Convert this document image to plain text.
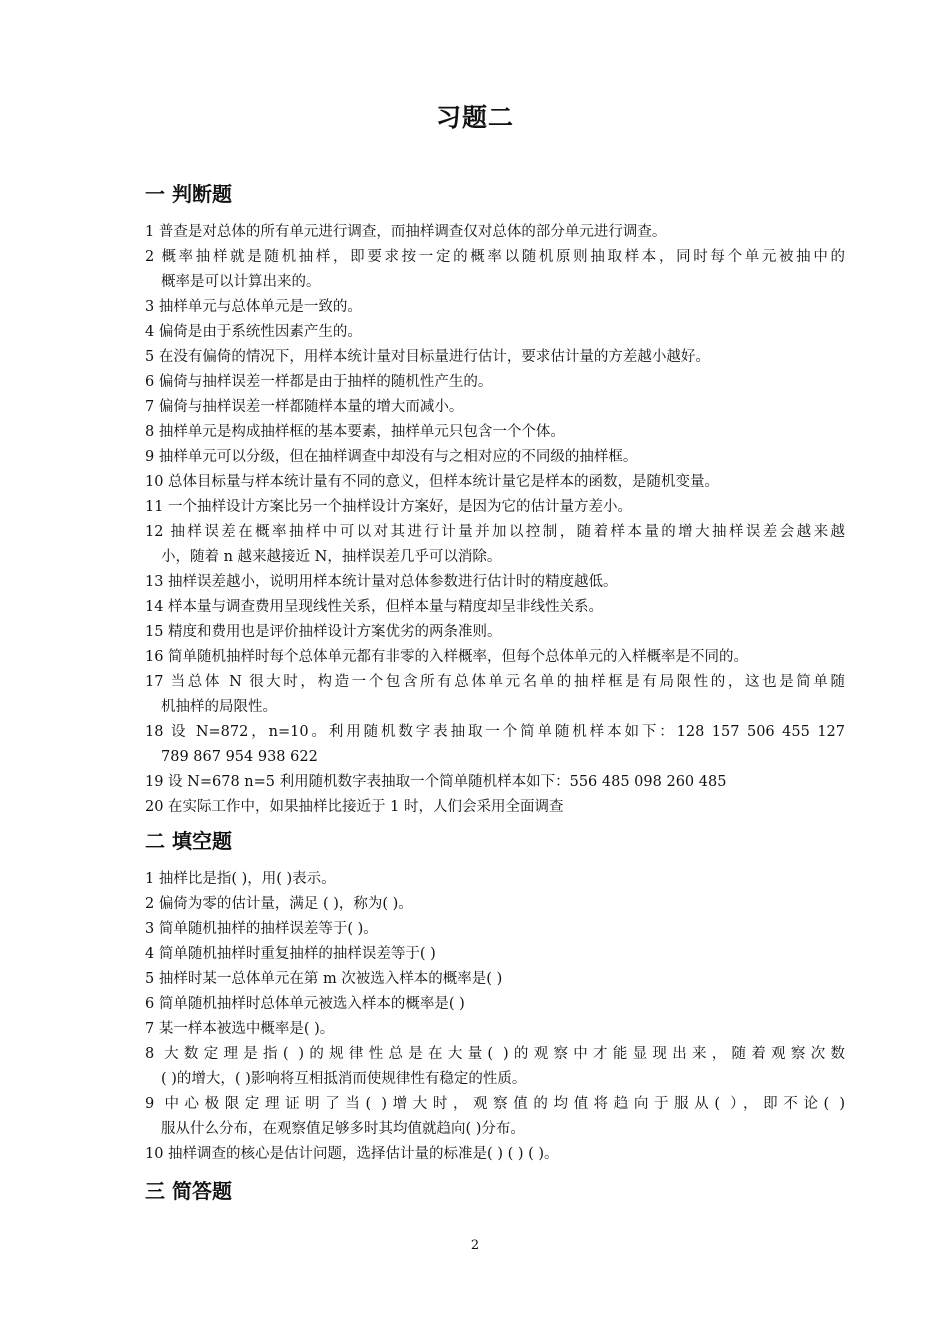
习题二
一 判断题
1 普查是对总体的所有单元进行调查，而抽样调查仅对总体的部分单元进行调查。
2 概率抽样就是随机抽样，即要求按一定的概率以随机原则抽取样本，同时每个单元被抽中的
概率是可以计算出来的。
3 抽样单元与总体单元是一致的。
4 偏倚是由于系统性因素产生的。
5 在没有偏倚的情况下，用样本统计量对目标量进行估计，要求估计量的方差越小越好。
6 偏倚与抽样误差一样都是由于抽样的随机性产生的。
7 偏倚与抽样误差一样都随样本量的增大而减小。
8 抽样单元是构成抽样框的基本要素，抽样单元只包含一个个体。
9 抽样单元可以分级，但在抽样调查中却没有与之相对应的不同级的抽样框。
10 总体目标量与样本统计量有不同的意义，但样本统计量它是样本的函数，是随机变量。
11 一个抽样设计方案比另一个抽样设计方案好，是因为它的估计量方差小。
12 抽样误差在概率抽样中可以对其进行计量并加以控制，随着样本量的增大抽样误差会越来越
小，随着 n 越来越接近 N，抽样误差几乎可以消除。
13 抽样误差越小，说明用样本统计量对总体参数进行估计时的精度越低。
14 样本量与调查费用呈现线性关系，但样本量与精度却呈非线性关系。
15 精度和费用也是评价抽样设计方案优劣的两条准则。
16 简单随机抽样时每个总体单元都有非零的入样概率，但每个总体单元的入样概率是不同的。
17 当总体 N 很大时，构造一个包含所有总体单元名单的抽样框是有局限性的，这也是简单随
机抽样的局限性。
18 设 N=872，n=10。利用随机数字表抽取一个简单随机样本如下：128 157 506 455 127
789 867 954 938 622
19 设 N=678 n=5 利用随机数字表抽取一个简单随机样本如下：556 485 098 260 485
20 在实际工作中，如果抽样比接近于 1 时，人们会采用全面调查
二 填空题
1 抽样比是指( )，用( )表示。
2 偏倚为零的估计量，满足 ( )，称为( )。
3 简单随机抽样的抽样误差等于( )。
4 简单随机抽样时重复抽样的抽样误差等于( )
5 抽样时某一总体单元在第 m 次被选入样本的概率是( )
6 简单随机抽样时总体单元被选入样本的概率是( )
7 某一样本被选中概率是( )。
8 大数定理是指( )的规律性总是在大量( )的观察中才能显现出来，随着观察次数
( )的增大，( )影响将互相抵消而使规律性有稳定的性质。
9 中心极限定理证明了当( )增大时，观察值的均值将趋向于服从( ），即不论( )
服从什么分布，在观察值足够多时其均值就趋向( )分布。
10 抽样调查的核心是估计问题，选择估计量的标准是( ) ( ) ( )。
三 简答题
2
